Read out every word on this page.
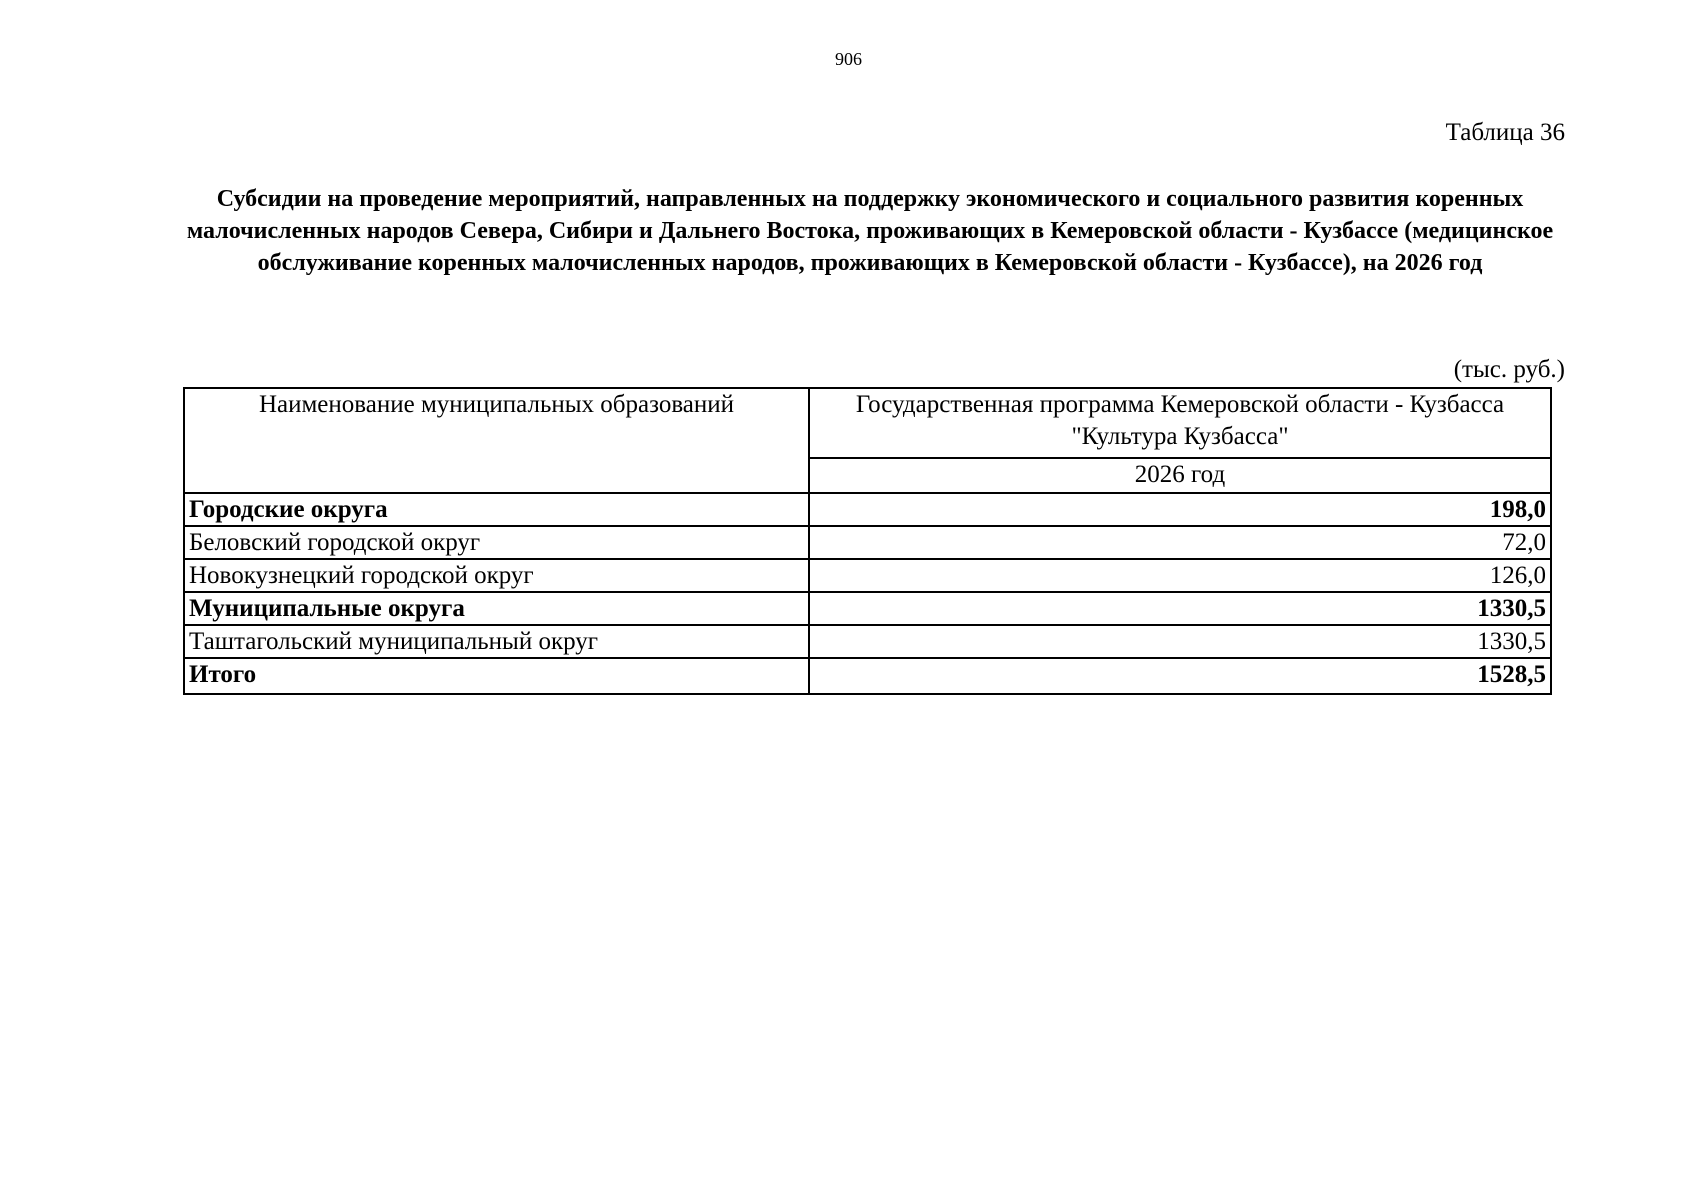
906
Таблица 36
Субсидии на проведение мероприятий, направленных на поддержку экономического и социального развития коренных малочисленных народов Севера, Сибири и Дальнего Востока, проживающих в Кемеровской области - Кузбассе (медицинское обслуживание коренных малочисленных народов, проживающих в Кемеровской области - Кузбассе), на 2026 год
(тыс. руб.)
Наименование муниципальных образований	Государственная программа Кемеровской области - Кузбасса "Культура Кузбасса"
	2026 год
Городские округа	198,0
Беловский городской округ	72,0
Новокузнецкий городской округ	126,0
Муниципальные округа	1330,5
Таштагольский муниципальный округ	1330,5
Итого	1528,5
